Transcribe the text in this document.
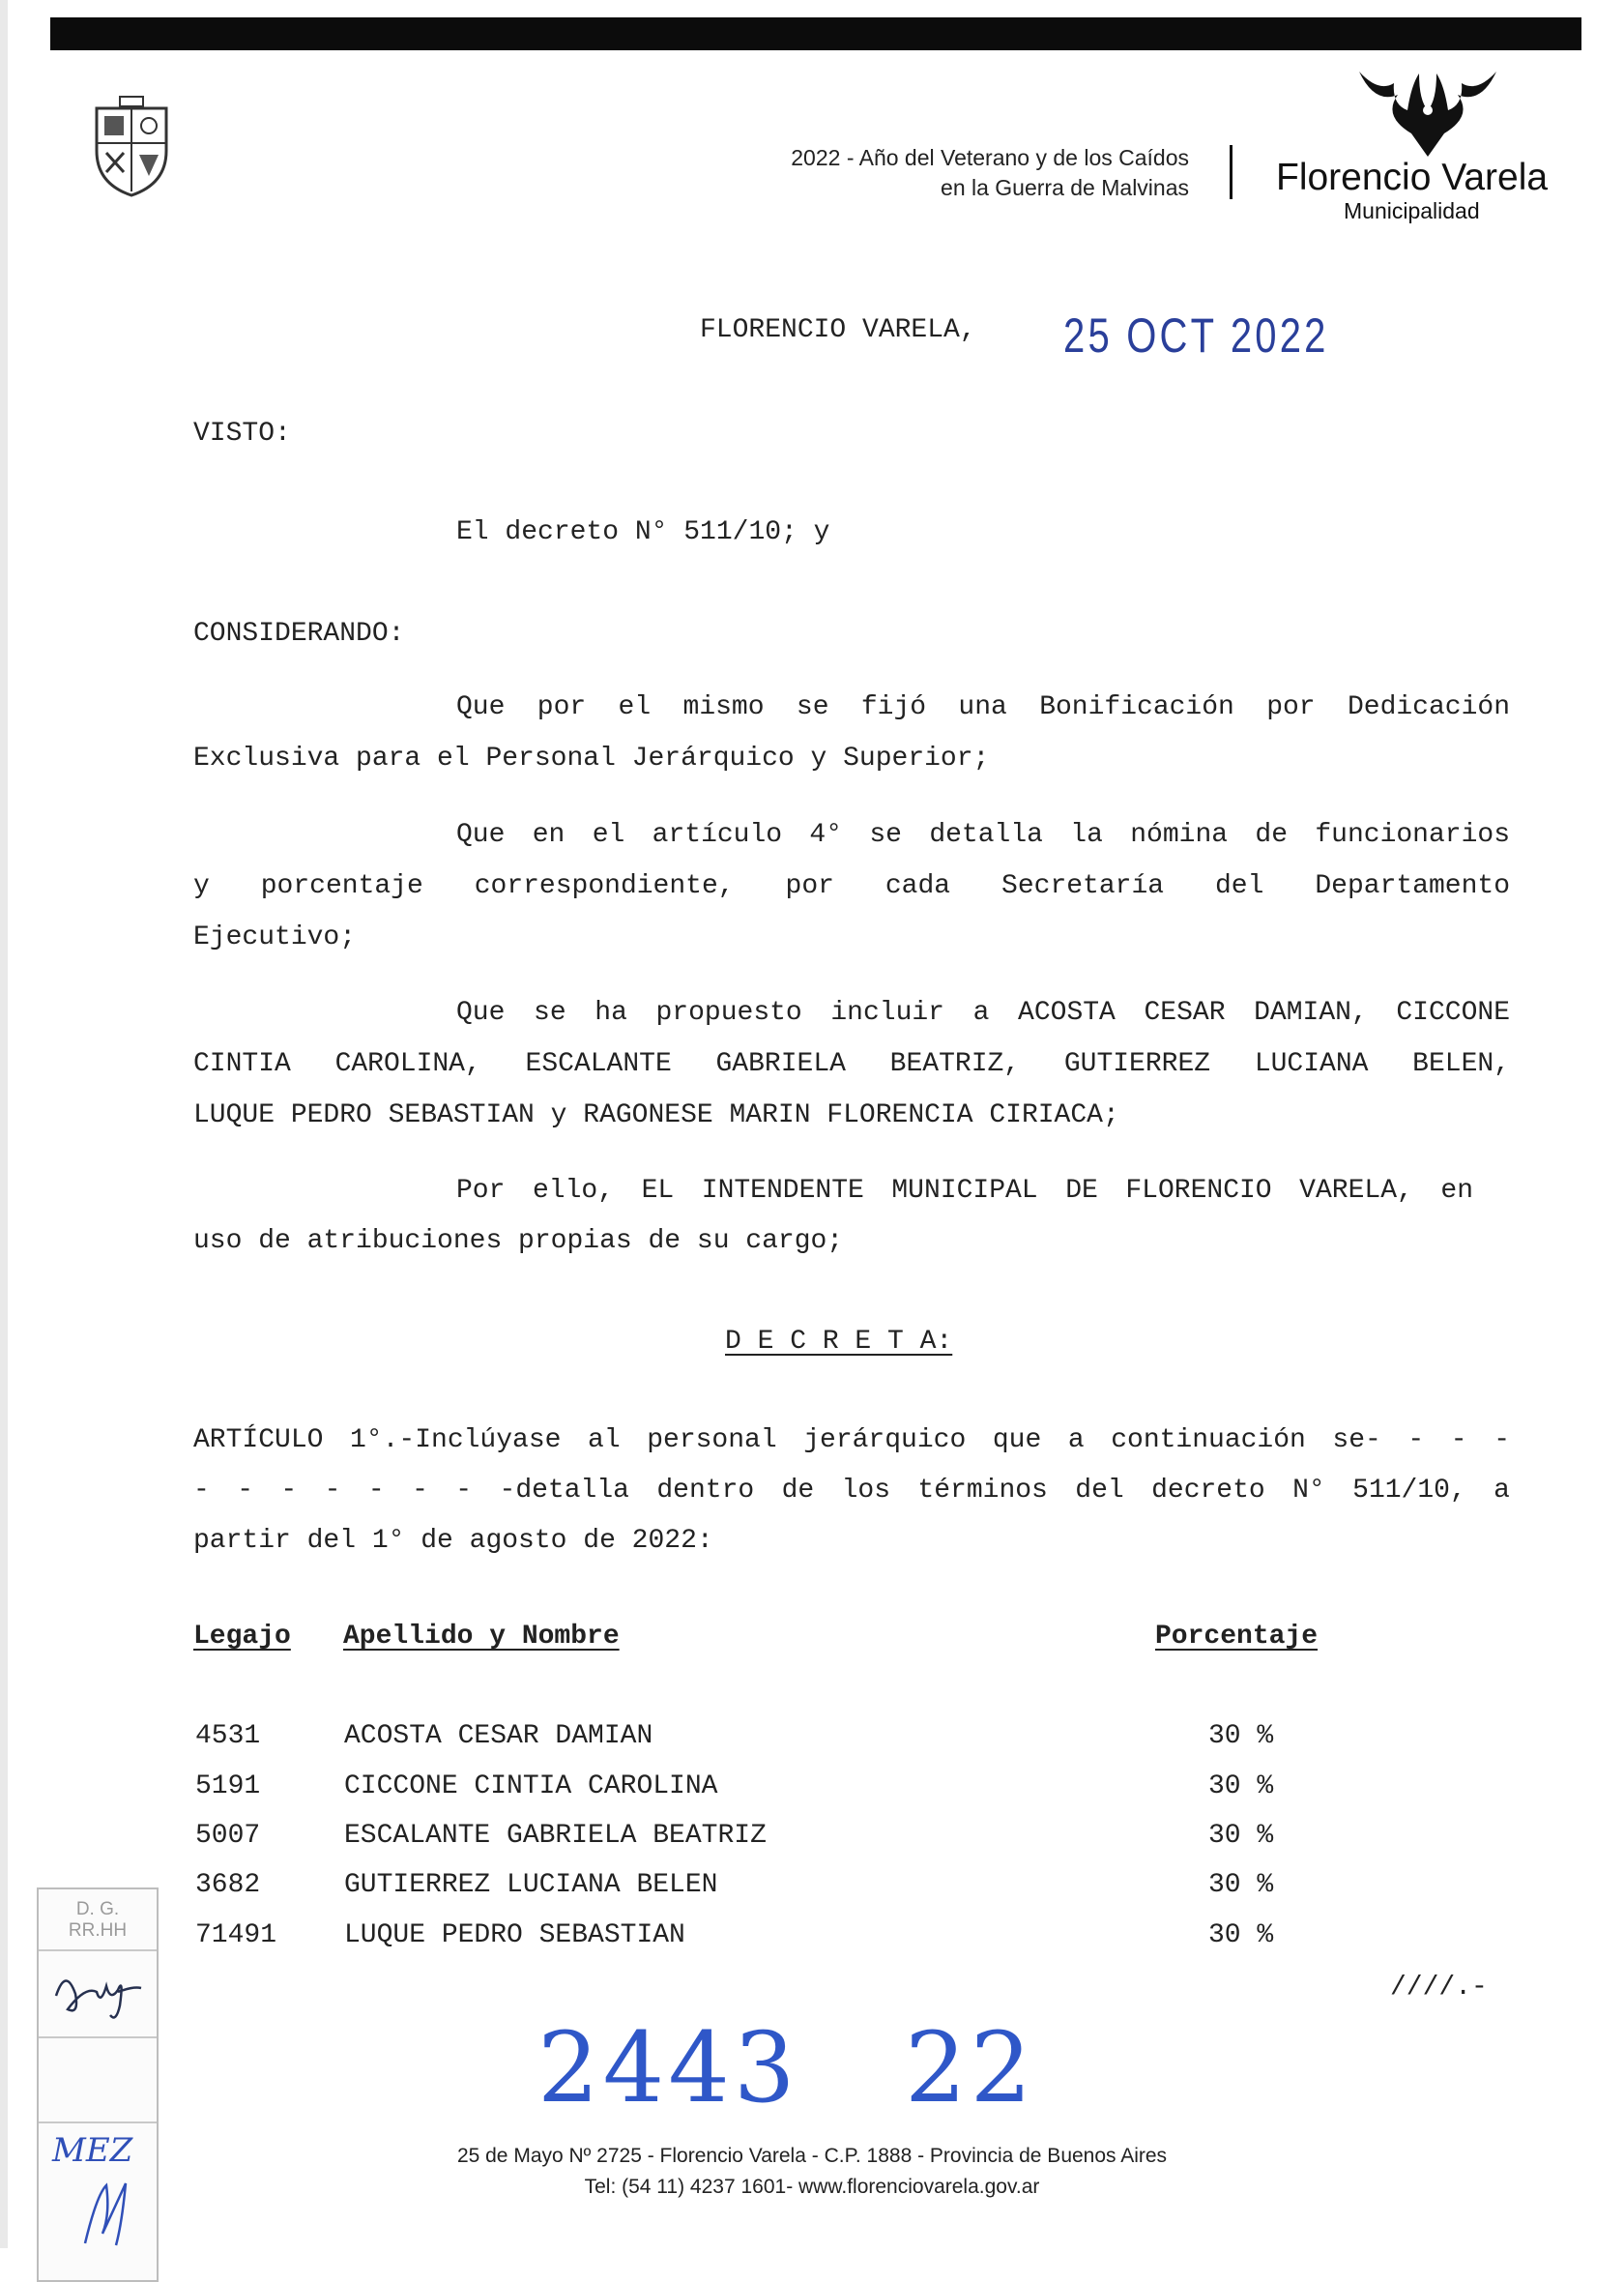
2022 - Año del Veterano y de los Caídos
en la Guerra de Malvinas Florencio Varela
Municipalidad
FLORENCIO VARELA, 25 OCT 2022
VISTO:
El decreto N° 511/10; y
CONSIDERANDO:
Que por el mismo se fijó una Bonificación por Dedicación
Exclusiva para el Personal Jerárquico y Superior;
Que en el artículo 4° se detalla la nómina de funcionarios
y porcentaje correspondiente, por cada Secretaría del Departamento
Ejecutivo;
Que se ha propuesto incluir a ACOSTA CESAR DAMIAN, CICCONE
CINTIA CAROLINA, ESCALANTE GABRIELA BEATRIZ, GUTIERREZ LUCIANA BELEN,
LUQUE PEDRO SEBASTIAN y RAGONESE MARIN FLORENCIA CIRIACA;
Por ello, EL INTENDENTE MUNICIPAL DE FLORENCIO VARELA, en
uso de atribuciones propias de su cargo;
D E C R E T A:
ARTÍCULO 1°.-Inclúyase al personal jerárquico que a continuación se- - - -
- - - - - - - -detalla dentro de los términos del decreto N° 511/10, a
partir del 1° de agosto de 2022:
Legajo Apellido y Nombre	Porcentaje
4531	ACOSTA CESAR DAMIAN	30 %
5191	CICCONE CINTIA CAROLINA	30 %
5007	ESCALANTE GABRIELA BEATRIZ	30 %
3682	GUTIERREZ LUCIANA BELEN	30 %
71491 LUQUE PEDRO SEBASTIAN	30 %
////.-
D. G.
RR.HH
MEZ
2443 22
25 de Mayo Nº 2725 - Florencio Varela - C.P. 1888 - Provincia de Buenos Aires
Tel: (54 11) 4237 1601- www.florenciovarela.gov.ar
